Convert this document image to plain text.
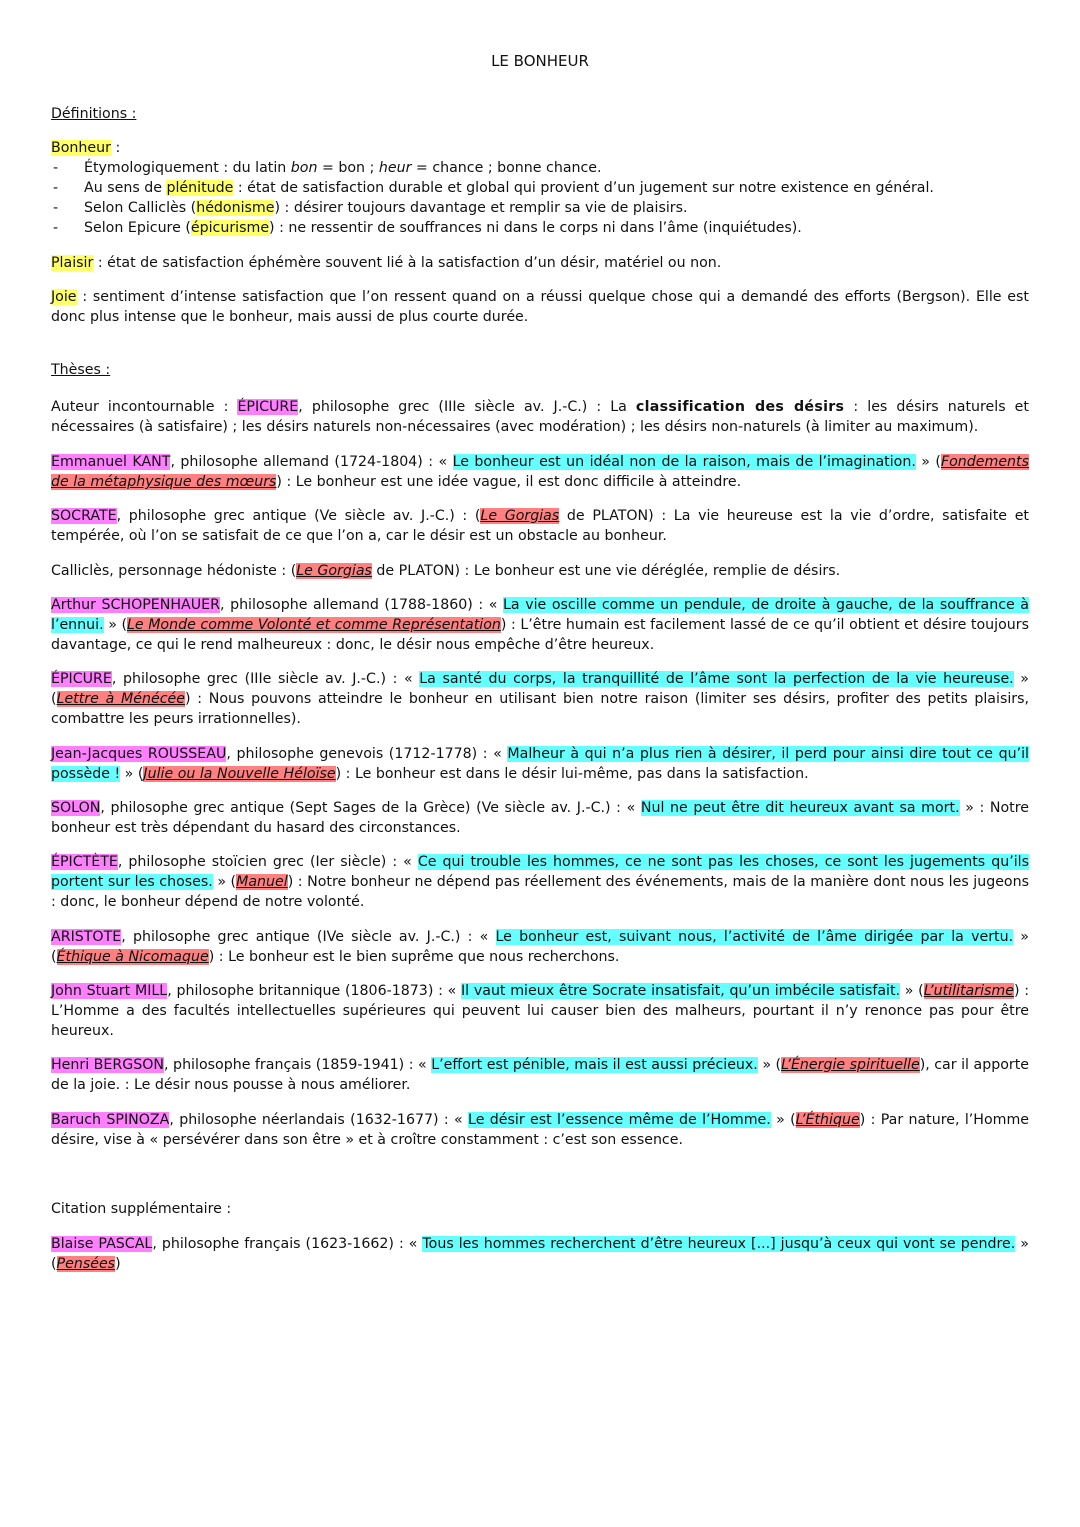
LE BONHEUR
Définitions :
Bonheur :
- Étymologiquement : du latin bon = bon ; heur = chance ; bonne chance.
- Au sens de plénitude : état de satisfaction durable et global qui provient d’un jugement sur notre existence en général.
- Selon Calliclès (hédonisme) : désirer toujours davantage et remplir sa vie de plaisirs.
- Selon Epicure (épicurisme) : ne ressentir de souffrances ni dans le corps ni dans l’âme (inquiétudes).
Plaisir : état de satisfaction éphémère souvent lié à la satisfaction d’un désir, matériel ou non.
Joie : sentiment d’intense satisfaction que l’on ressent quand on a réussi quelque chose qui a demandé des efforts (Bergson). Elle est donc plus intense que le bonheur, mais aussi de plus courte durée.
Thèses :
Auteur incontournable : ÉPICURE, philosophe grec (IIIe siècle av. J.-C.) : La classification des désirs : les désirs naturels et nécessaires (à satisfaire) ; les désirs naturels non-nécessaires (avec modération) ; les désirs non-naturels (à limiter au maximum).
Emmanuel KANT, philosophe allemand (1724-1804) : « Le bonheur est un idéal non de la raison, mais de l’imagination. » (Fondements de la métaphysique des mœurs) : Le bonheur est une idée vague, il est donc difficile à atteindre.
SOCRATE, philosophe grec antique (Ve siècle av. J.-C.) : (Le Gorgias de PLATON) : La vie heureuse est la vie d’ordre, satisfaite et tempérée, où l’on se satisfait de ce que l’on a, car le désir est un obstacle au bonheur.
Calliclès, personnage hédoniste : (Le Gorgias de PLATON) : Le bonheur est une vie déréglée, remplie de désirs.
Arthur SCHOPENHAUER, philosophe allemand (1788-1860) : « La vie oscille comme un pendule, de droite à gauche, de la souffrance à l’ennui. » (Le Monde comme Volonté et comme Représentation) : L’être humain est facilement lassé de ce qu’il obtient et désire toujours davantage, ce qui le rend malheureux : donc, le désir nous empêche d’être heureux.
ÉPICURE, philosophe grec (IIIe siècle av. J.-C.) : « La santé du corps, la tranquillité de l’âme sont la perfection de la vie heureuse. » (Lettre à Ménécée) : Nous pouvons atteindre le bonheur en utilisant bien notre raison (limiter ses désirs, profiter des petits plaisirs, combattre les peurs irrationnelles).
Jean-Jacques ROUSSEAU, philosophe genevois (1712-1778) : « Malheur à qui n’a plus rien à désirer, il perd pour ainsi dire tout ce qu’il possède ! » (Julie ou la Nouvelle Héloïse) : Le bonheur est dans le désir lui-même, pas dans la satisfaction.
SOLON, philosophe grec antique (Sept Sages de la Grèce) (Ve siècle av. J.-C.) : « Nul ne peut être dit heureux avant sa mort. » : Notre bonheur est très dépendant du hasard des circonstances.
ÉPICTÈTE, philosophe stoïcien grec (Ier siècle) : « Ce qui trouble les hommes, ce ne sont pas les choses, ce sont les jugements qu’ils portent sur les choses. » (Manuel) : Notre bonheur ne dépend pas réellement des événements, mais de la manière dont nous les jugeons : donc, le bonheur dépend de notre volonté.
ARISTOTE, philosophe grec antique (IVe siècle av. J.-C.) : « Le bonheur est, suivant nous, l’activité de l’âme dirigée par la vertu. » (Éthique à Nicomaque) : Le bonheur est le bien suprême que nous recherchons.
John Stuart MILL, philosophe britannique (1806-1873) : « Il vaut mieux être Socrate insatisfait, qu’un imbécile satisfait. » (L’utilitarisme) : L’Homme a des facultés intellectuelles supérieures qui peuvent lui causer bien des malheurs, pourtant il n’y renonce pas pour être heureux.
Henri BERGSON, philosophe français (1859-1941) : « L’effort est pénible, mais il est aussi précieux. » (L’Énergie spirituelle), car il apporte de la joie. : Le désir nous pousse à nous améliorer.
Baruch SPINOZA, philosophe néerlandais (1632-1677) : « Le désir est l’essence même de l’Homme. » (L’Éthique) : Par nature, l’Homme désire, vise à « persévérer dans son être » et à croître constamment : c’est son essence.
Citation supplémentaire :
Blaise PASCAL, philosophe français (1623-1662) : « Tous les hommes recherchent d’être heureux [...] jusqu’à ceux qui vont se pendre. » (Pensées)
